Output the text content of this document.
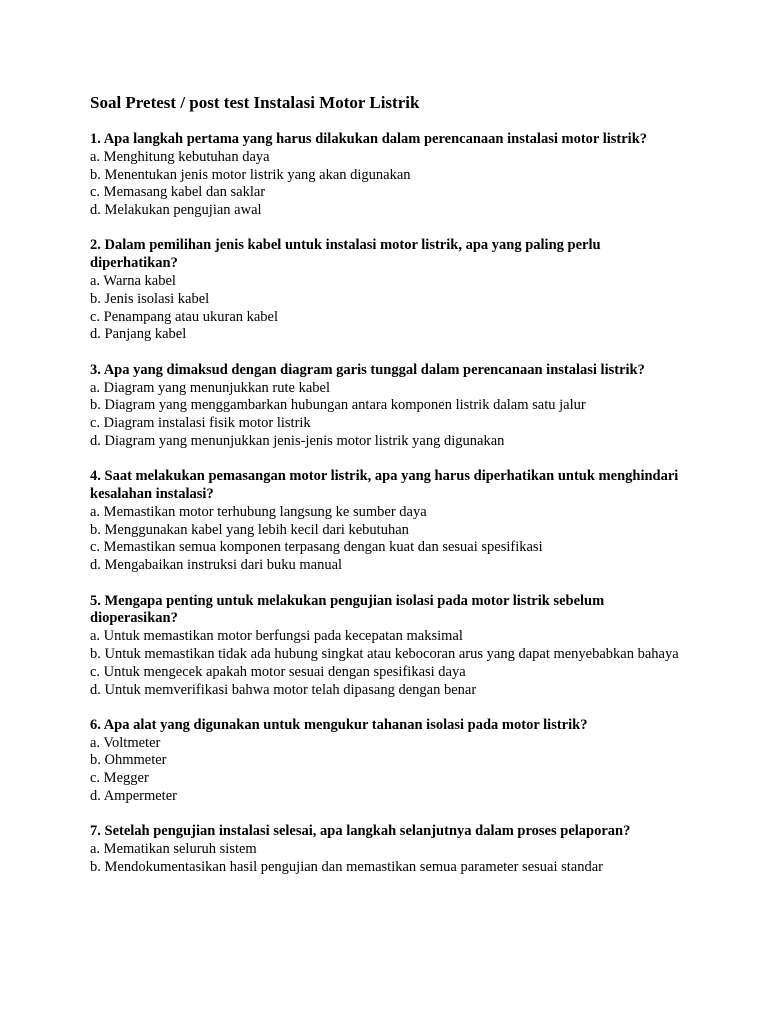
Soal Pretest / post test Instalasi Motor Listrik
1. Apa langkah pertama yang harus dilakukan dalam perencanaan instalasi motor listrik?
a. Menghitung kebutuhan daya
b. Menentukan jenis motor listrik yang akan digunakan
c. Memasang kabel dan saklar
d. Melakukan pengujian awal
2. Dalam pemilihan jenis kabel untuk instalasi motor listrik, apa yang paling perlu diperhatikan?
a. Warna kabel
b. Jenis isolasi kabel
c. Penampang atau ukuran kabel
d. Panjang kabel
3. Apa yang dimaksud dengan diagram garis tunggal dalam perencanaan instalasi listrik?
a. Diagram yang menunjukkan rute kabel
b. Diagram yang menggambarkan hubungan antara komponen listrik dalam satu jalur
c. Diagram instalasi fisik motor listrik
d. Diagram yang menunjukkan jenis-jenis motor listrik yang digunakan
4. Saat melakukan pemasangan motor listrik, apa yang harus diperhatikan untuk menghindari kesalahan instalasi?
a. Memastikan motor terhubung langsung ke sumber daya
b. Menggunakan kabel yang lebih kecil dari kebutuhan
c. Memastikan semua komponen terpasang dengan kuat dan sesuai spesifikasi
d. Mengabaikan instruksi dari buku manual
5. Mengapa penting untuk melakukan pengujian isolasi pada motor listrik sebelum dioperasikan?
a. Untuk memastikan motor berfungsi pada kecepatan maksimal
b. Untuk memastikan tidak ada hubung singkat atau kebocoran arus yang dapat menyebabkan bahaya
c. Untuk mengecek apakah motor sesuai dengan spesifikasi daya
d. Untuk memverifikasi bahwa motor telah dipasang dengan benar
6. Apa alat yang digunakan untuk mengukur tahanan isolasi pada motor listrik?
a. Voltmeter
b. Ohmmeter
c. Megger
d. Ampermeter
7. Setelah pengujian instalasi selesai, apa langkah selanjutnya dalam proses pelaporan?
a. Mematikan seluruh sistem
b. Mendokumentasikan hasil pengujian dan memastikan semua parameter sesuai standar
